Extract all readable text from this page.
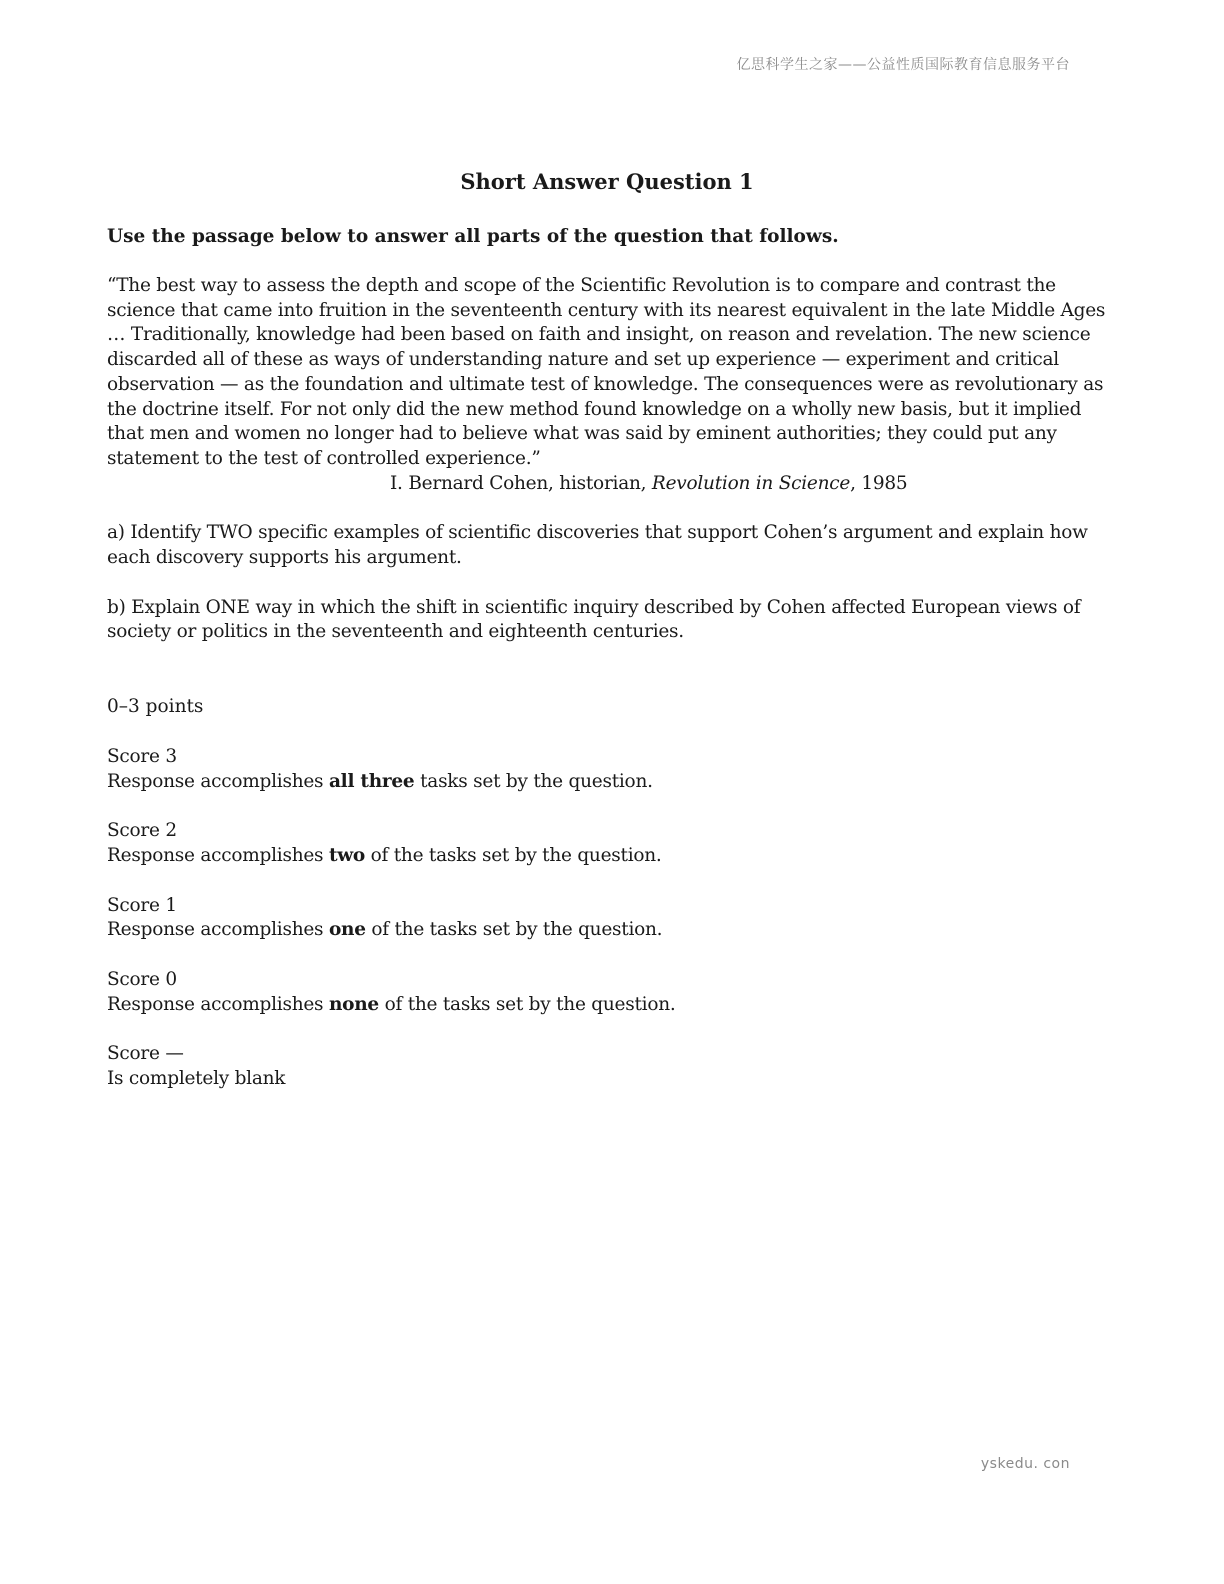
亿思科学生之家——公益性质国际教育信息服务平台
Short Answer Question 1
Use the passage below to answer all parts of the question that follows.

“The best way to assess the depth and scope of the Scientific Revolution is to compare and contrast the science that came into fruition in the seventeenth century with its nearest equivalent in the late Middle Ages … Traditionally, knowledge had been based on faith and insight, on reason and revelation. The new science discarded all of these as ways of understanding nature and set up experience — experiment and critical observation — as the foundation and ultimate test of knowledge. The consequences were as revolutionary as the doctrine itself. For not only did the new method found knowledge on a wholly new basis, but it implied that men and women no longer had to believe what was said by eminent authorities; they could put any statement to the test of controlled experience.”

I. Bernard Cohen, historian, Revolution in Science, 1985

a) Identify TWO specific examples of scientific discoveries that support Cohen’s argument and explain how each discovery supports his argument.

b) Explain ONE way in which the shift in scientific inquiry described by Cohen affected European views of society or politics in the seventeenth and eighteenth centuries.

0–3 points

Score 3
Response accomplishes all three tasks set by the question.
Score 2
Response accomplishes two of the tasks set by the question.
Score 1
Response accomplishes one of the tasks set by the question.
Score 0
Response accomplishes none of the tasks set by the question.
Score —
Is completely blank
yskedu. con
